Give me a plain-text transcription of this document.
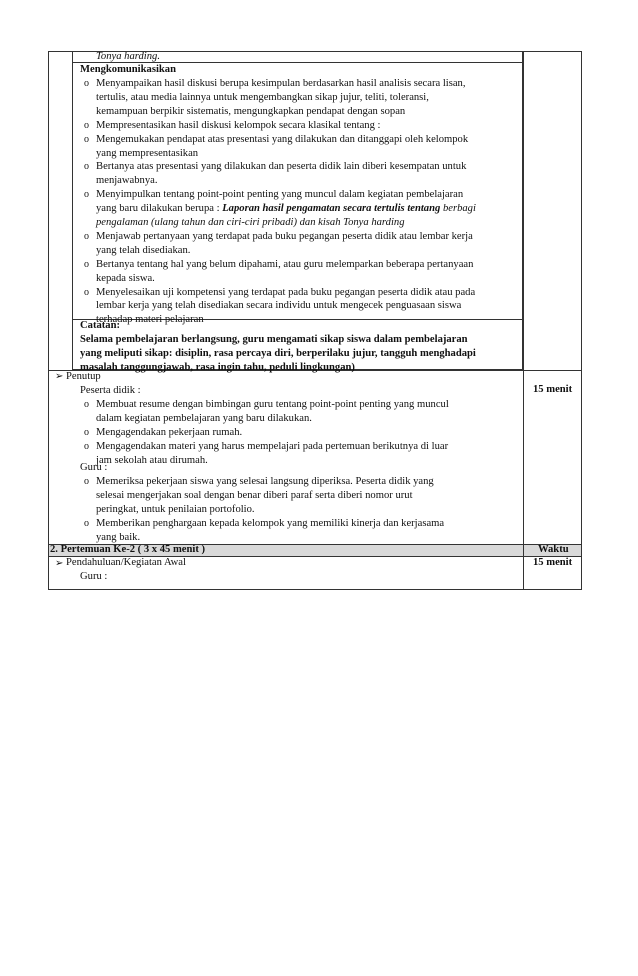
Tonya harding.
Mengkomunikasikan
Catatan:
Selama pembelajaran berlangsung, guru mengamati sikap siswa dalam pembelajaran
yang meliputi sikap: disiplin, rasa percaya diri, berperilaku jujur, tangguh menghadapi
masalah tanggungjawab, rasa ingin tahu, peduli lingkungan)
➢ Penutup
15 menit
Peserta didik :
Guru :
2. Pertemuan Ke-2 ( 3 x 45 menit )	Waktu
➢ Pendahuluan/Kegiatan Awal	15 menit
Guru :
o Menyampaikan hasil diskusi berupa kesimpulan berdasarkan hasil analisis secara lisan,
tertulis, atau media lainnya untuk mengembangkan sikap jujur, teliti, toleransi,
kemampuan berpikir sistematis, mengungkapkan pendapat dengan sopan
o Mempresentasikan hasil diskusi kelompok secara klasikal tentang :
o Mengemukakan pendapat atas presentasi yang dilakukan dan ditanggapi oleh kelompok
yang mempresentasikan
o Bertanya atas presentasi yang dilakukan dan peserta didik lain diberi kesempatan untuk
menjawabnya.
o Menyimpulkan tentang point-point penting yang muncul dalam kegiatan pembelajaran
yang baru dilakukan berupa : Laporan hasil pengamatan secara tertulis tentang berbagi
pengalaman (ulang tahun dan ciri-ciri pribadi) dan kisah Tonya harding
o Menjawab pertanyaan yang terdapat pada buku pegangan peserta didik atau lembar kerja
yang telah disediakan.
o Bertanya tentang hal yang belum dipahami, atau guru melemparkan beberapa pertanyaan
kepada siswa.
o Menyelesaikan uji kompetensi yang terdapat pada buku pegangan peserta didik atau pada
lembar kerja yang telah disediakan secara individu untuk mengecek penguasaan siswa
terhadap materi pelajaran
o Membuat resume dengan bimbingan guru tentang point-point penting yang muncul
dalam kegiatan pembelajaran yang baru dilakukan.
o Mengagendakan pekerjaan rumah.
o Mengagendakan materi yang harus mempelajari pada pertemuan berikutnya di luar
jam sekolah atau dirumah.
o Memeriksa pekerjaan siswa yang selesai langsung diperiksa. Peserta didik yang
selesai mengerjakan soal dengan benar diberi paraf serta diberi nomor urut
peringkat, untuk penilaian portofolio.
o Memberikan penghargaan kepada kelompok yang memiliki kinerja dan kerjasama
yang baik.
